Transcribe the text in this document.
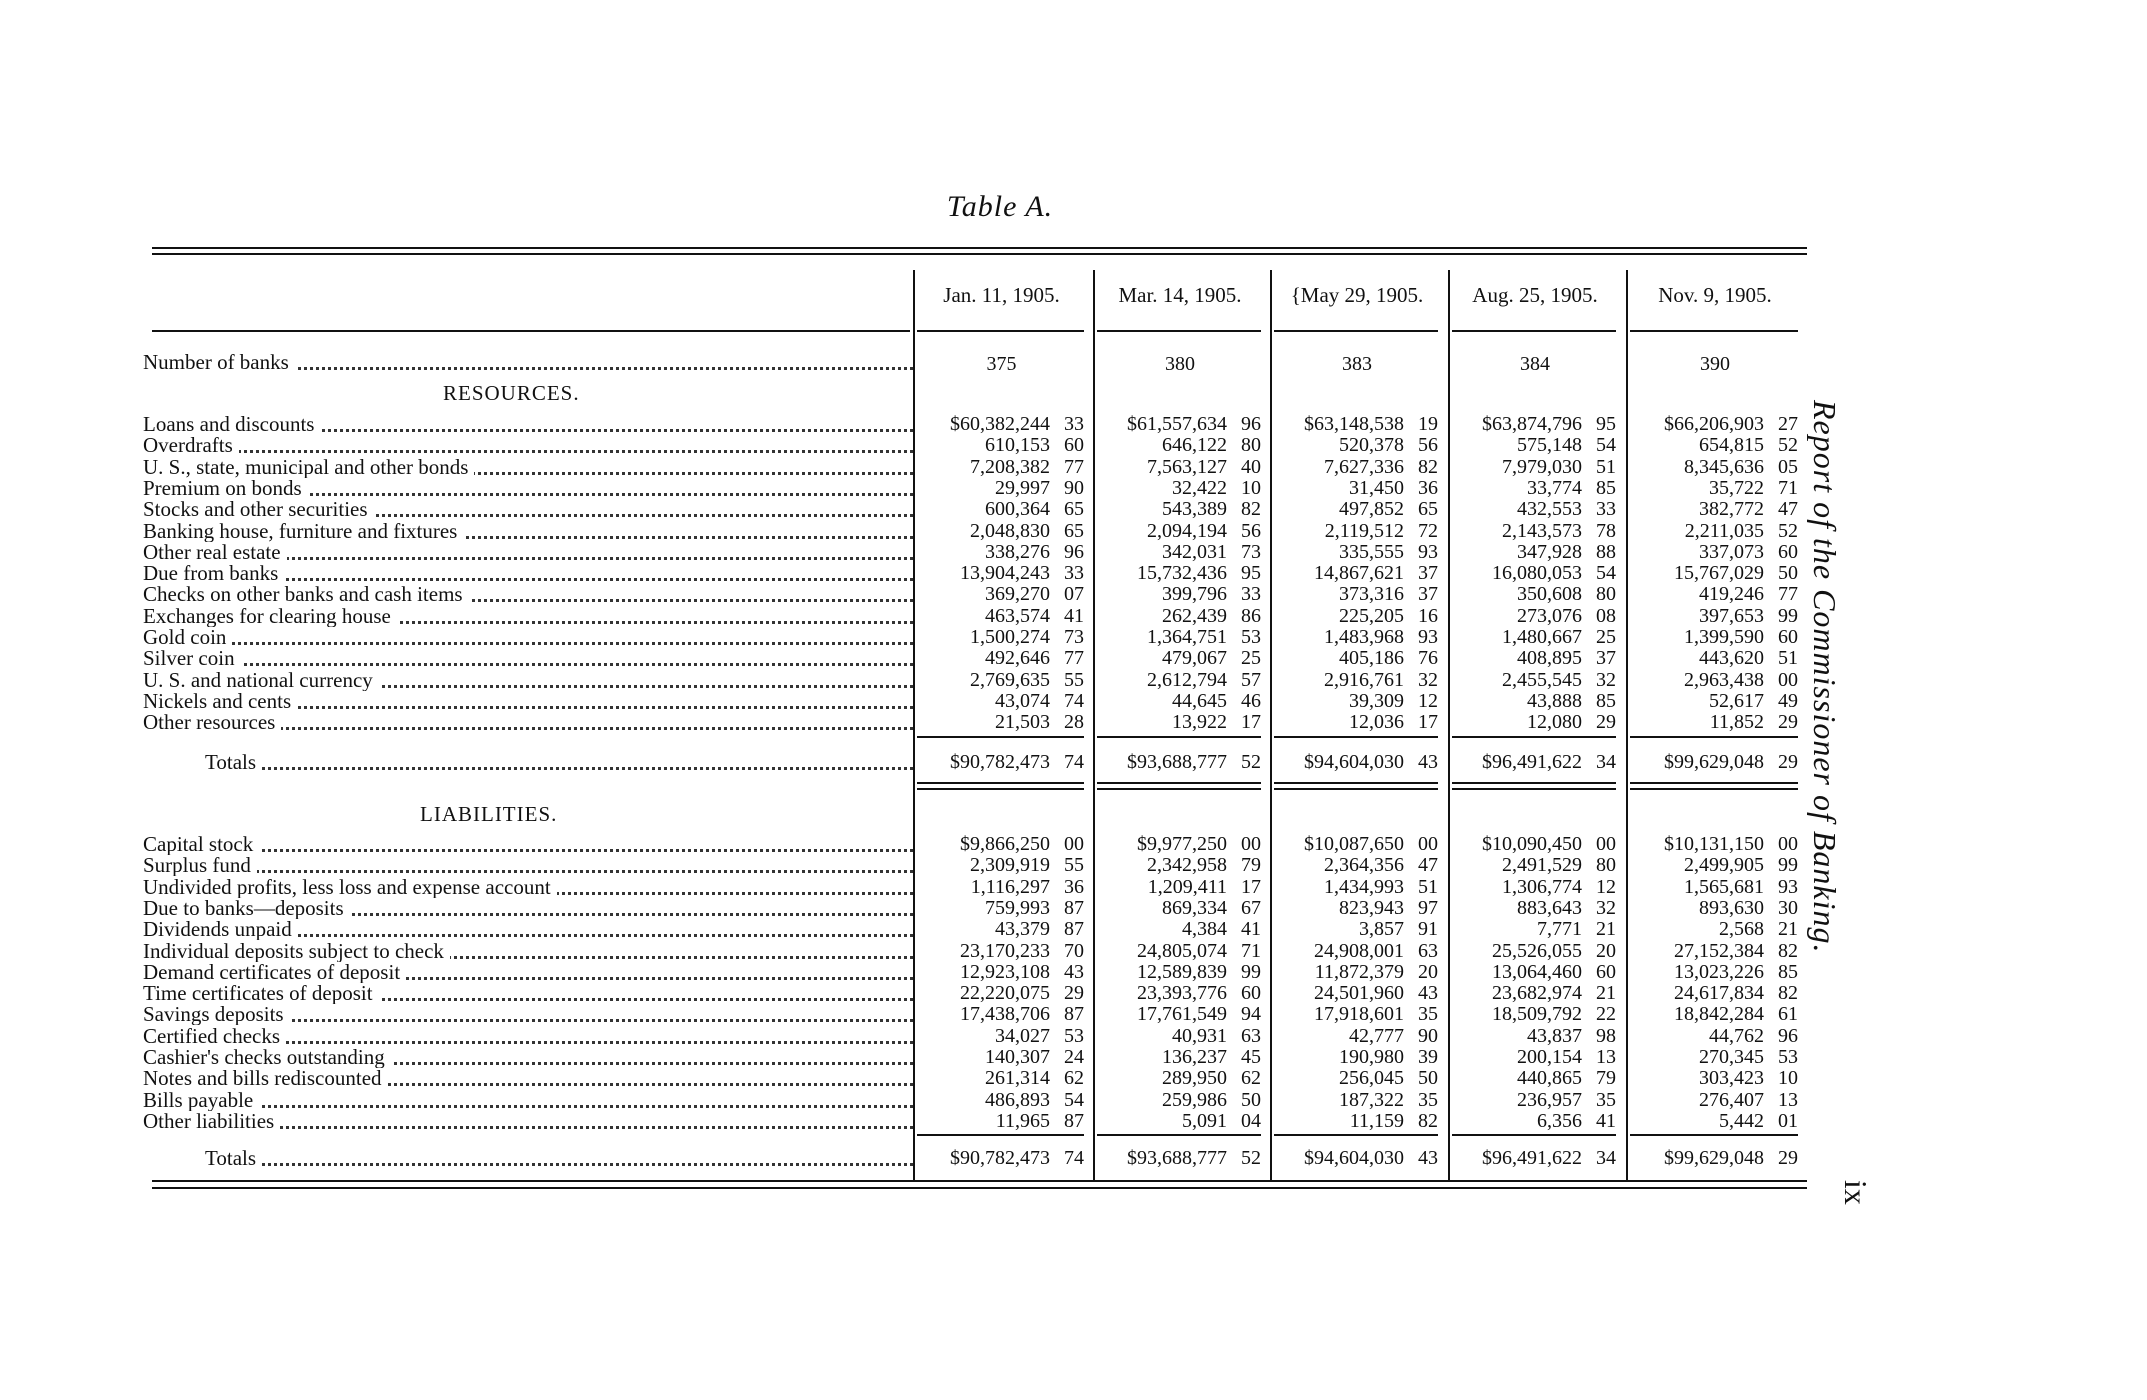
Table A.
Jan. 11, 1905.	Mar. 14, 1905.	{May 29, 1905.	Aug. 25, 1905.	Nov. 9, 1905.
Number of banks	375	380	383	384	390
RESOURCES.
Loans and discounts	$60,382,244 33 $61,557,634 96 $63,148,538 19 $63,874,796 95 $66,206,903 27
Overdrafts	610,153 60	646,122 80	520,378 56	575,148 54	654,815 52
U. S., state, municipal and other bonds	7,208,382 77	7,563,127 40	7,627,336 82	7,979,030 51	8,345,636 05
Premium on bonds	29,997 90	32,422 10	31,450 36	33,774 85	35,722 71
Stocks and other securities	600,364 65	543,389 82	497,852 65	432,553 33	382,772 47
Banking house, furniture and fixtures	2,048,830 65	2,094,194 56	2,119,512 72	2,143,573 78	2,211,035 52
Other real estate	338,276 96	342,031 73	335,555 93	347,928 88	337,073 60
Due from banks	13,904,243 33	15,732,436 95	14,867,621 37	16,080,053 54	15,767,029 50
Checks on other banks and cash items	369,270 07	399,796 33	373,316 37	350,608 80	419,246 77
Exchanges for clearing house	463,574 41	262,439 86	225,205 16	273,076 08	397,653 99
Gold coin	1,500,274 73	1,364,751 53	1,483,968 93	1,480,667 25	1,399,590 60
Silver coin	492,646 77	479,067 25	405,186 76	408,895 37	443,620 51
U. S. and national currency	2,769,635 55	2,612,794 57	2,916,761 32	2,455,545 32	2,963,438 00
Nickels and cents	43,074 74	44,645 46	39,309 12	43,888 85	52,617 49
Other resources	21,503 28	13,922 17	12,036 17	12,080 29	11,852 29
Totals	$90,782,473 74 $93,688,777 52 $94,604,030 43 $96,491,622 34 $99,629,048 29
LIABILITIES.
Capital stock	$9,866,250 00	$9,977,250 00 $10,087,650 00 $10,090,450 00 $10,131,150 00
Surplus fund	2,309,919 55	2,342,958 79	2,364,356 47	2,491,529 80	2,499,905 99
Undivided profits, less loss and expense account	1,116,297 36	1,209,411 17	1,434,993 51	1,306,774 12	1,565,681 93
Due to banks—deposits	759,993 87	869,334 67	823,943 97	883,643 32	893,630 30
Dividends unpaid	43,379 87	4,384 41	3,857 91	7,771 21	2,568 21
Individual deposits subject to check	23,170,233 70	24,805,074 71	24,908,001 63	25,526,055 20	27,152,384 82
Demand certificates of deposit	12,923,108 43	12,589,839 99	11,872,379 20	13,064,460 60	13,023,226 85
Time certificates of deposit	22,220,075 29	23,393,776 60	24,501,960 43	23,682,974 21	24,617,834 82
Savings deposits	17,438,706 87	17,761,549 94	17,918,601 35	18,509,792 22	18,842,284 61
Certified checks	34,027 53	40,931 63	42,777 90	43,837 98	44,762 96
Cashier's checks outstanding	140,307 24	136,237 45	190,980 39	200,154 13	270,345 53
Notes and bills rediscounted	261,314 62	289,950 62	256,045 50	440,865 79	303,423 10
Bills payable	486,893 54	259,986 50	187,322 35	236,957 35	276,407 13
Other liabilities	11,965 87	5,091 04	11,159 82	6,356 41	5,442 01
Totals	$90,782,473 74 $93,688,777 52 $94,604,030 43 $96,491,622 34 $99,629,048 29
Report of the Commissioner of Banking.
ix
